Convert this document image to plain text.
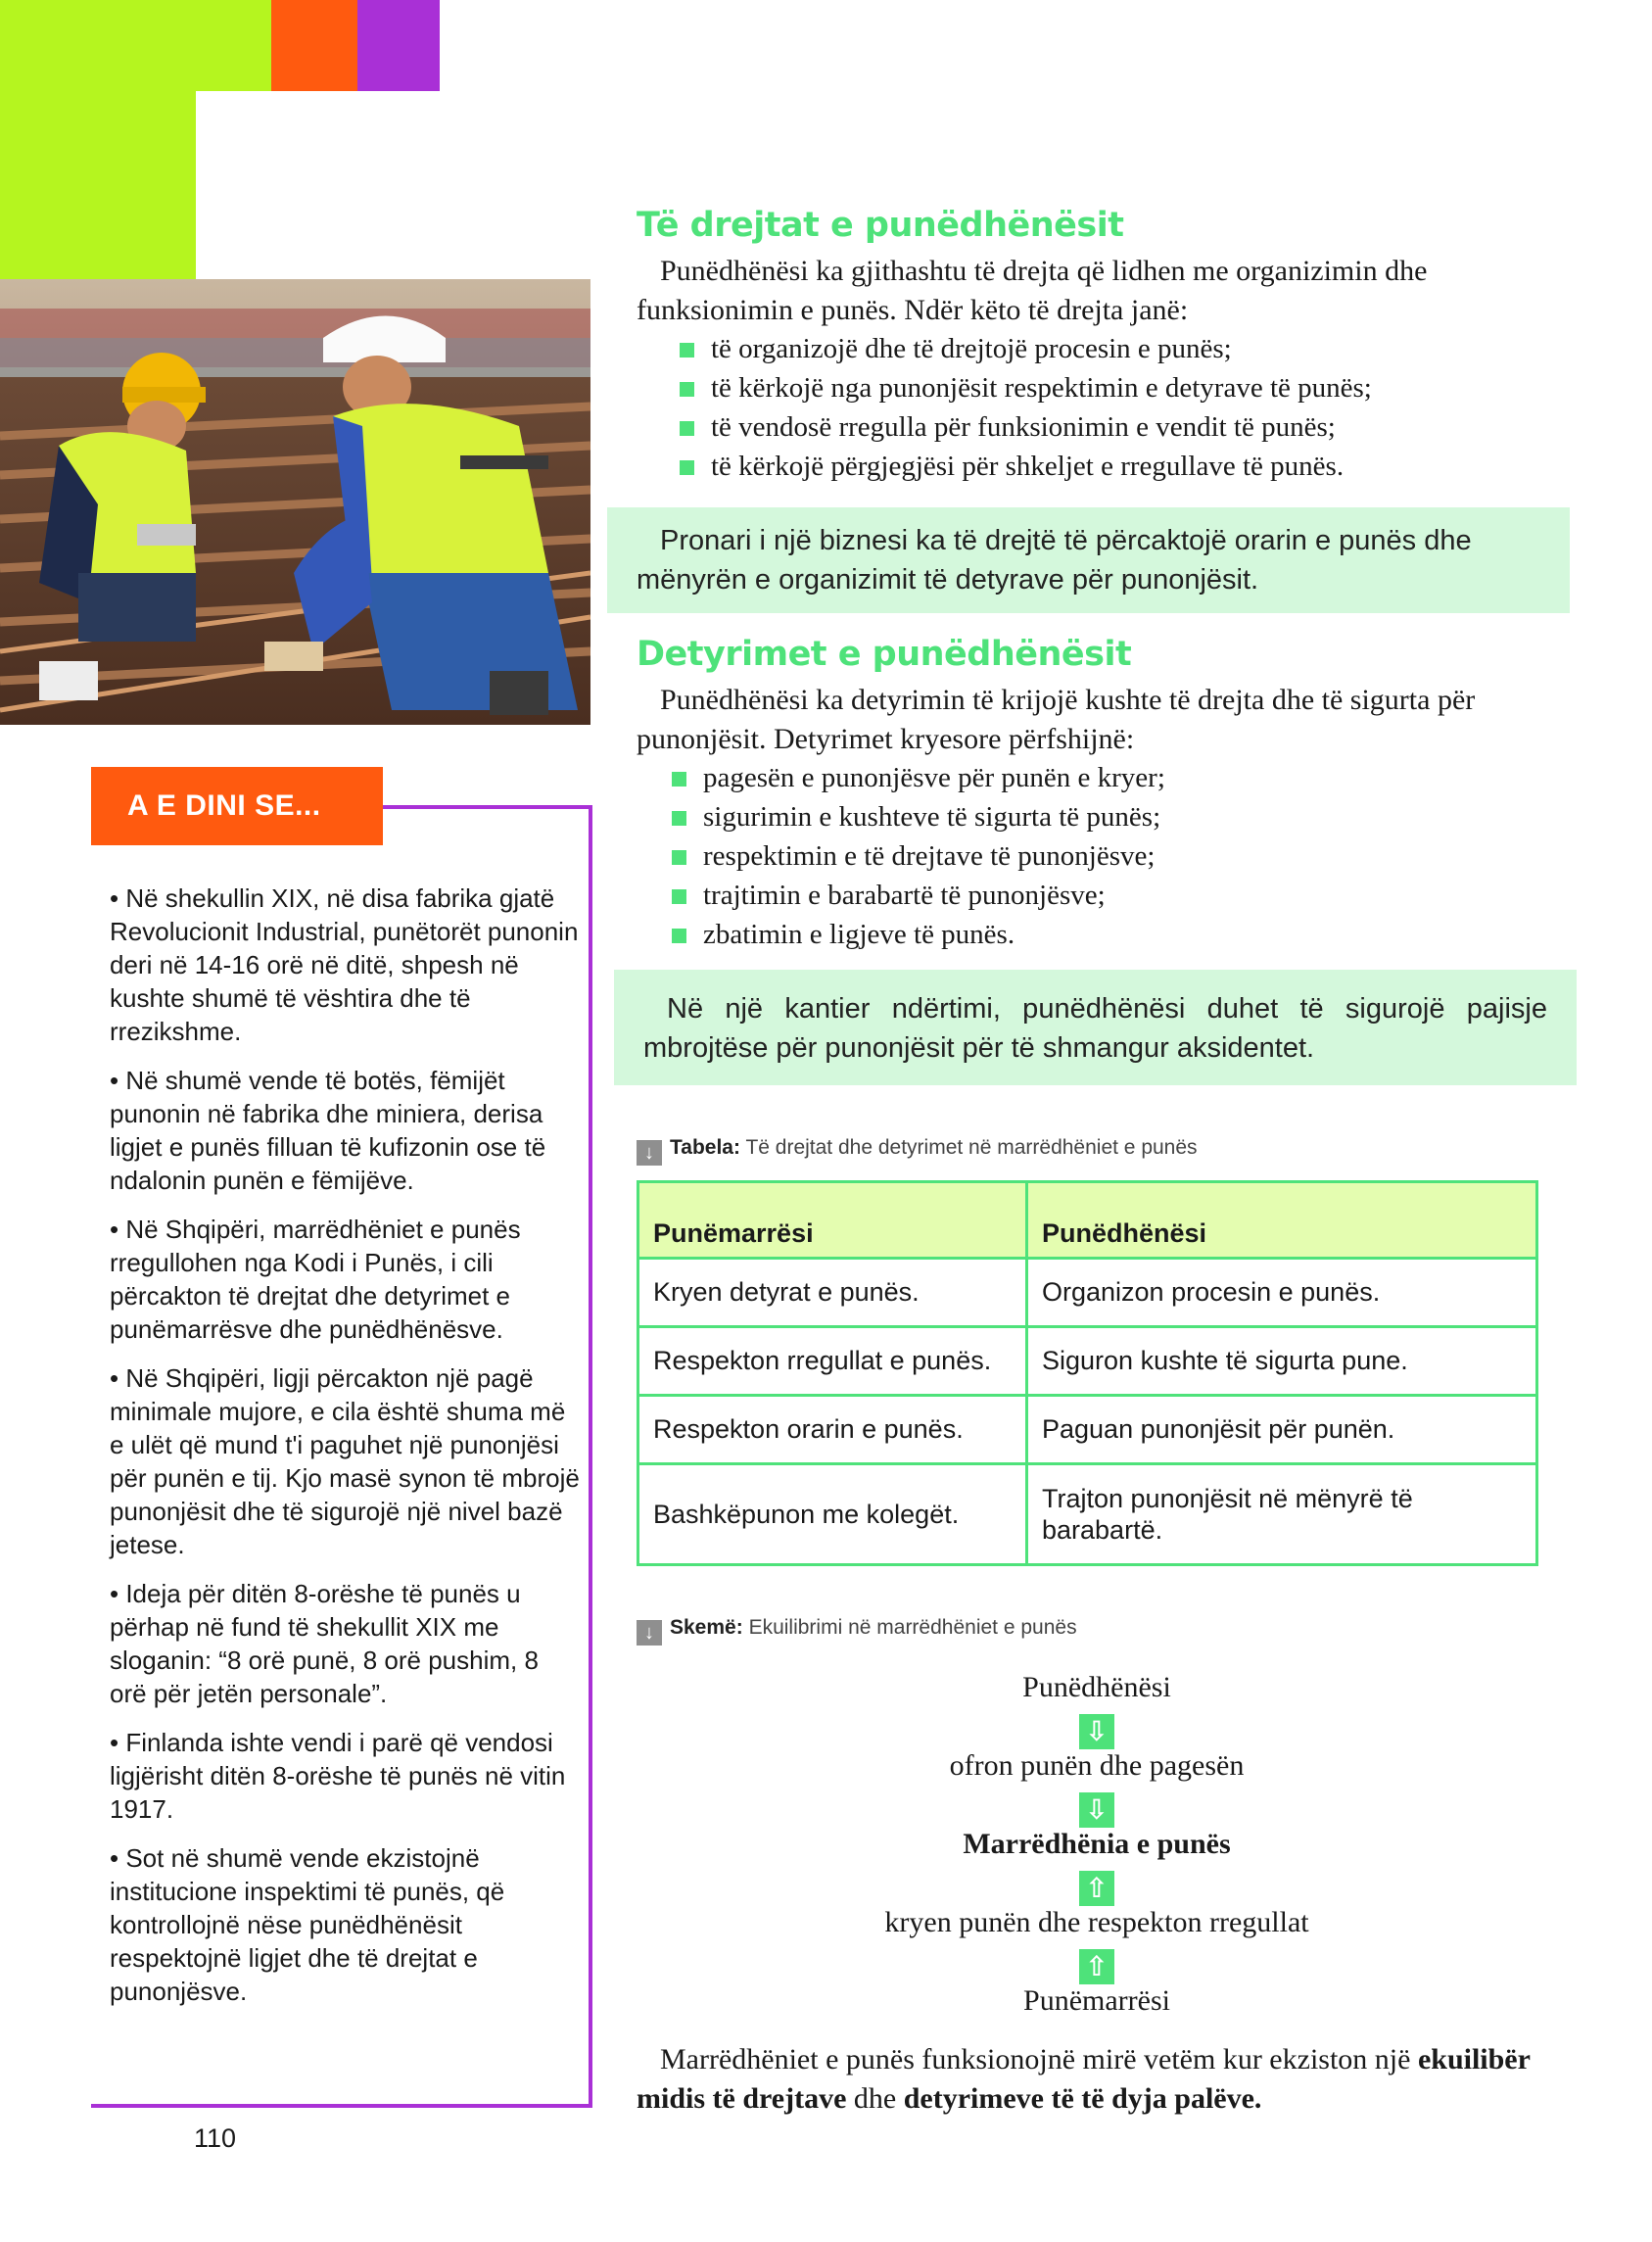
A E DINI SE...

• Në shekullin XIX, në disa fabrika gjatë Revolucionit Industrial, punëtorët punonin deri në 14-16 orë në ditë, shpesh në kushte shumë të vështira dhe të rrezikshme.

• Në shumë vende të botës, fëmijët punonin në fabrika dhe miniera, derisa ligjet e punës filluan të kufizonin ose të ndalonin punën e fëmijëve.

• Në Shqipëri, marrëdhëniet e punës rregullohen nga Kodi i Punës, i cili përcakton të drejtat dhe detyrimet e punëmarrësve dhe punëdhënësve.

• Në Shqipëri, ligji përcakton një pagë minimale mujore, e cila është shuma më e ulët që mund t'i paguhet një punonjësi për punën e tij. Kjo masë synon të mbrojë punonjësit dhe të sigurojë një nivel bazë jetese.

• Ideja për ditën 8-orëshe të punës u përhap në fund të shekullit XIX me sloganin: “8 orë punë, 8 orë pushim, 8 orë për jetën personale”.

• Finlanda ishte vendi i parë që vendosi ligjërisht ditën 8-orëshe të punës në vitin 1917.

• Sot në shumë vende ekzistojnë institucione inspektimi të punës, që kontrollojnë nëse punëdhënësit respektojnë ligjet dhe të drejtat e punonjësve.

110
Të drejtat e punëdhënësit

Punëdhënësi ka gjithashtu të drejta që lidhen me organizimin dhe funksionimin e punës. Ndër këto të drejta janë:

të organizojë dhe të drejtojë procesin e punës;
të kërkojë nga punonjësit respektimin e detyrave të punës;
të vendosë rregulla për funksionimin e vendit të punës;
të kërkojë përgjegjësi për shkeljet e rregullave të punës.
Pronari i një biznesi ka të drejtë të përcaktojë orarin e punës dhe mënyrën e organizimit të detyrave për punonjësit.
Detyrimet e punëdhënësit

Punëdhënësi ka detyrimin të krijojë kushte të drejta dhe të sigurta për punonjësit. Detyrimet kryesore përfshijnë:

pagesën e punonjësve për punën e kryer;
sigurimin e kushteve të sigurta të punës;
respektimin e të drejtave të punonjësve;
trajtimin e barabartë të punonjësve;
zbatimin e ligjeve të punës.
Në një kantier ndërtimi, punëdhënësi duhet të sigurojë pajisje mbrojtëse për punonjësit për të shmangur aksidentet.
↓ Tabela: Të drejtat dhe detyrimet në marrëdhëniet e punës
Punëmarrësi	Punëdhënësi
Kryen detyrat e punës.	Organizon procesin e punës.
Respekton rregullat e punës.	Siguron kushte të sigurta pune.
Respekton orarin e punës.	Paguan punonjësit për punën.
Bashkëpunon me kolegët.	Trajton punonjësit në mënyrë të barabartë.
↓ Skemë: Ekuilibrimi në marrëdhëniet e punës
Punëdhënësi
⇩
ofron punën dhe pagesën
⇩
Marrëdhënia e punës
⇧
kryen punën dhe respekton rregullat
⇧
Punëmarrësi

Marrëdhëniet e punës funksionojnë mirë vetëm kur ekziston një ekuilibër midis të drejtave dhe detyrimeve të të dyja palëve.
